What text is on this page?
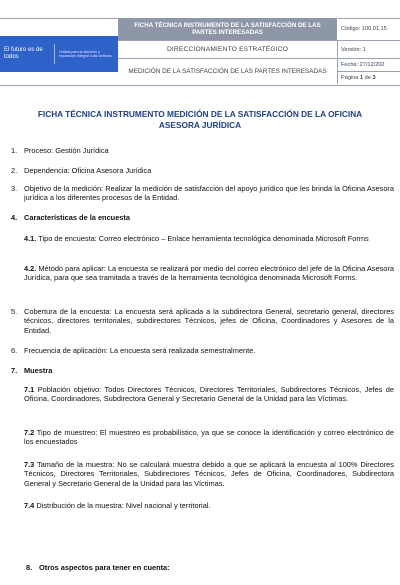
El futuro es de todos
Unidad para la atención y reparación integral a las víctimas
FICHA TÉCNICA INSTRUMENTO DE LA SATISFACCIÓN DE LAS PARTES INTERESADAS
DIRECCIONAMIENTO ESTRATÉGICO
MEDICIÓN DE LA SATISFACCIÓN DE LAS PARTES INTERESADAS
Código: 100,01,15
Versión: 1
Fecha: 27/12/202
Página
1
de
3
FICHA TÉCNICA INSTRUMENTO MEDICIÓN DE LA SATISFACCIÓN DE LA OFICINA ASESORA JURÍDICA
1. Proceso: Gestión Jurídica
2. Dependencia: Oficina Asesora Jurídica
3. Objetivo de la medición: Realizar la medición de satisfacción del apoyo jurídico que les brinda la Oficina Asesora jurídica a los diferentes procesos de la Entidad.
4. Características de la encuesta
4.1. Tipo de encuesta: Correo electrónico – Enlace herramienta tecnológica denominada Microsoft Forms
4.2. Método para aplicar: La encuesta se realizará por medio del correo electrónico del jefe de la Oficina Asesora Jurídica, para que sea tramitada a través de la herramienta tecnológica denominada Microsoft Forms.
5. Cobertura de la encuesta: La encuesta será aplicada a la subdirectora General, secretario general, directores técnicos, directores territoriales, subdirectores Técnicos, jefes de Oficina, Coordinadores y Asesores de la Entidad.
6. Frecuencia de aplicación: La encuesta será realizada semestralmente.
7. Muestra
7.1 Población objetivo: Todos Directores Técnicos, Directores Territoriales, Subdirectores Técnicos, Jefes de Oficina, Coordinadores, Subdirectora General y Secretario General de la Unidad para las Víctimas.
7.2 Tipo de muestreo: El muestreo es probabilístico, ya que se conoce la identificación y correo electrónico de los encuestados
7.3 Tamaño de la muestra: No se calculará muestra debido a que se aplicará la encuesta al 100% Directores Técnicos, Directores Territoriales, Subdirectores Técnicos, Jefes de Oficina, Coordinadores, Subdirectora General y Secretario General de la Unidad para las Víctimas.
7.4 Distribución de la muestra: Nivel nacional y territorial.
8. Otros aspectos para tener en cuenta:
